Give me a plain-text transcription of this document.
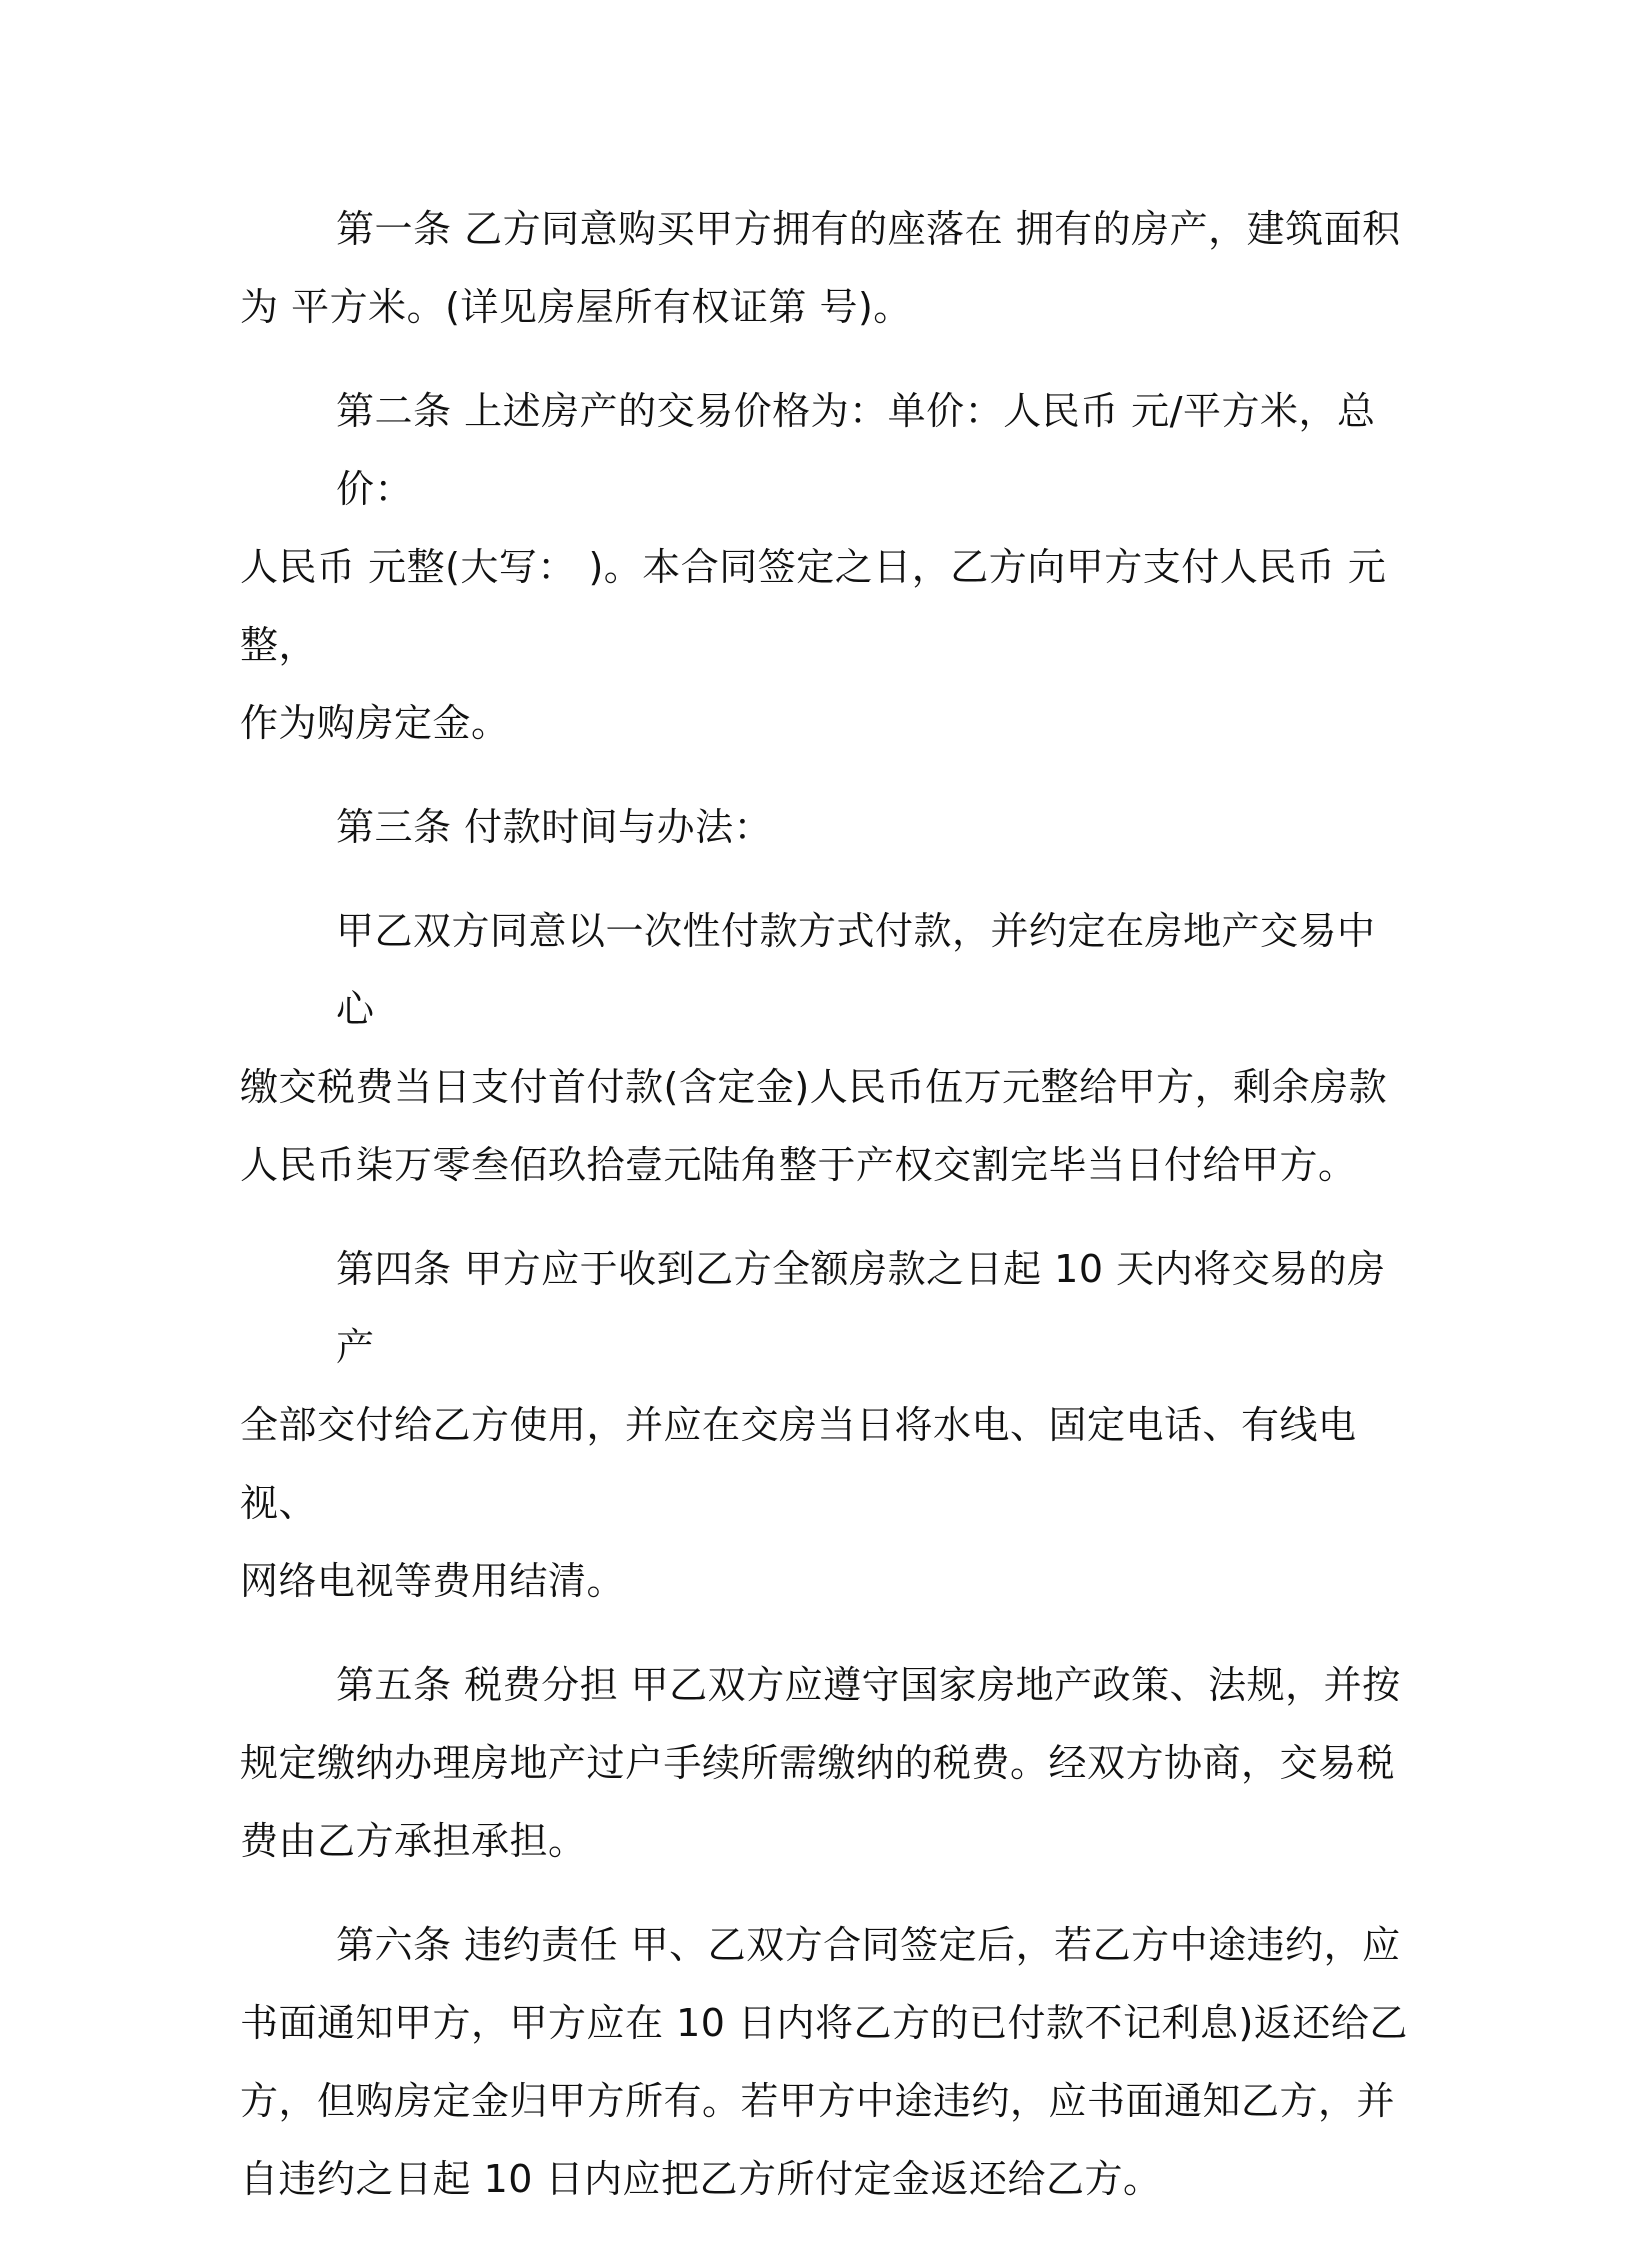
第一条 乙方同意购买甲方拥有的座落在 拥有的房产，建筑面积
为 平方米。(详见房屋所有权证第 号)。

第二条 上述房产的交易价格为：单价：人民币 元/平方米，总价：
人民币 元整(大写： )。本合同签定之日，乙方向甲方支付人民币 元整，
作为购房定金。

第三条 付款时间与办法：

甲乙双方同意以一次性付款方式付款，并约定在房地产交易中心
缴交税费当日支付首付款(含定金)人民币伍万元整给甲方，剩余房款
人民币柒万零叁佰玖拾壹元陆角整于产权交割完毕当日付给甲方。

第四条 甲方应于收到乙方全额房款之日起 10 天内将交易的房产
全部交付给乙方使用，并应在交房当日将水电、固定电话、有线电视、
网络电视等费用结清。

第五条 税费分担 甲乙双方应遵守国家房地产政策、法规，并按
规定缴纳办理房地产过户手续所需缴纳的税费。经双方协商，交易税
费由乙方承担承担。

第六条 违约责任 甲、乙双方合同签定后，若乙方中途违约，应
书面通知甲方，甲方应在 10 日内将乙方的已付款不记利息)返还给乙
方，但购房定金归甲方所有。若甲方中途违约，应书面通知乙方，并
自违约之日起 10 日内应把乙方所付定金返还给乙方。
